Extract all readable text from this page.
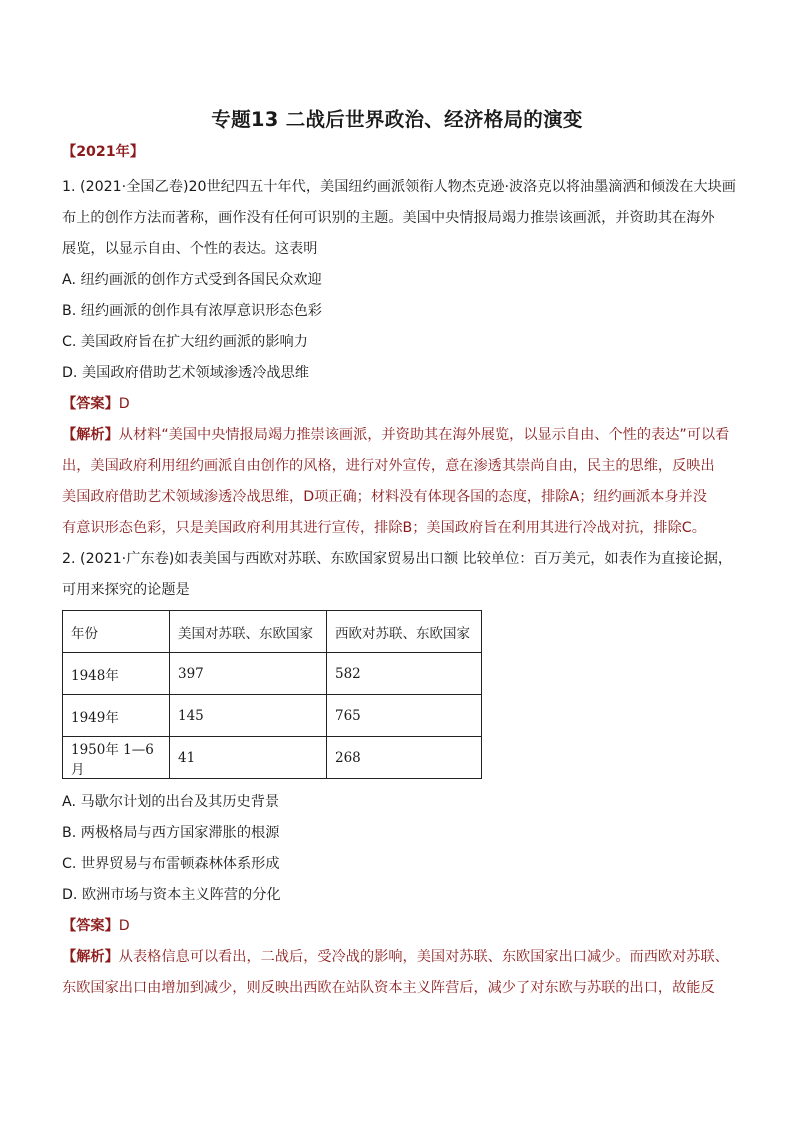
专题13 二战后世界政治、经济格局的演变

【2021年】

1. (2021·全国乙卷)20世纪四五十年代，美国纽约画派领衔人物杰克逊·波洛克以将油墨滴洒和倾泼在大块画

布上的创作方法而著称，画作没有任何可识别的主题。美国中央情报局竭力推崇该画派，并资助其在海外

展览，以显示自由、个性的表达。这表明

A. 纽约画派的创作方式受到各国民众欢迎

B. 纽约画派的创作具有浓厚意识形态色彩

C. 美国政府旨在扩大纽约画派的影响力

D. 美国政府借助艺术领域渗透冷战思维

【答案】D

【解析】从材料“美国中央情报局竭力推崇该画派，并资助其在海外展览，以显示自由、个性的表达”可以看

出，美国政府利用纽约画派自由创作的风格，进行对外宣传，意在渗透其崇尚自由，民主的思维，反映出

美国政府借助艺术领域渗透冷战思维，D项正确；材料没有体现各国的态度，排除A；纽约画派本身并没

有意识形态色彩，只是美国政府利用其进行宣传，排除B；美国政府旨在利用其进行冷战对抗，排除C。

2. (2021·广东卷)如表美国与西欧对苏联、东欧国家贸易出口额 比较单位：百万美元，如表作为直接论据，

可用来探究的论题是

年份	美国对苏联、东欧国家	西欧对苏联、东欧国家
1948年	397	582
1949年	145	765
1950年 1—6月	41	268

A. 马歇尔计划的出台及其历史背景

B. 两极格局与西方国家滞胀的根源

C. 世界贸易与布雷顿森林体系形成

D. 欧洲市场与资本主义阵营的分化

【答案】D

【解析】从表格信息可以看出，二战后，受冷战的影响，美国对苏联、东欧国家出口减少。而西欧对苏联、

东欧国家出口由增加到减少，则反映出西欧在站队资本主义阵营后，减少了对东欧与苏联的出口，故能反
